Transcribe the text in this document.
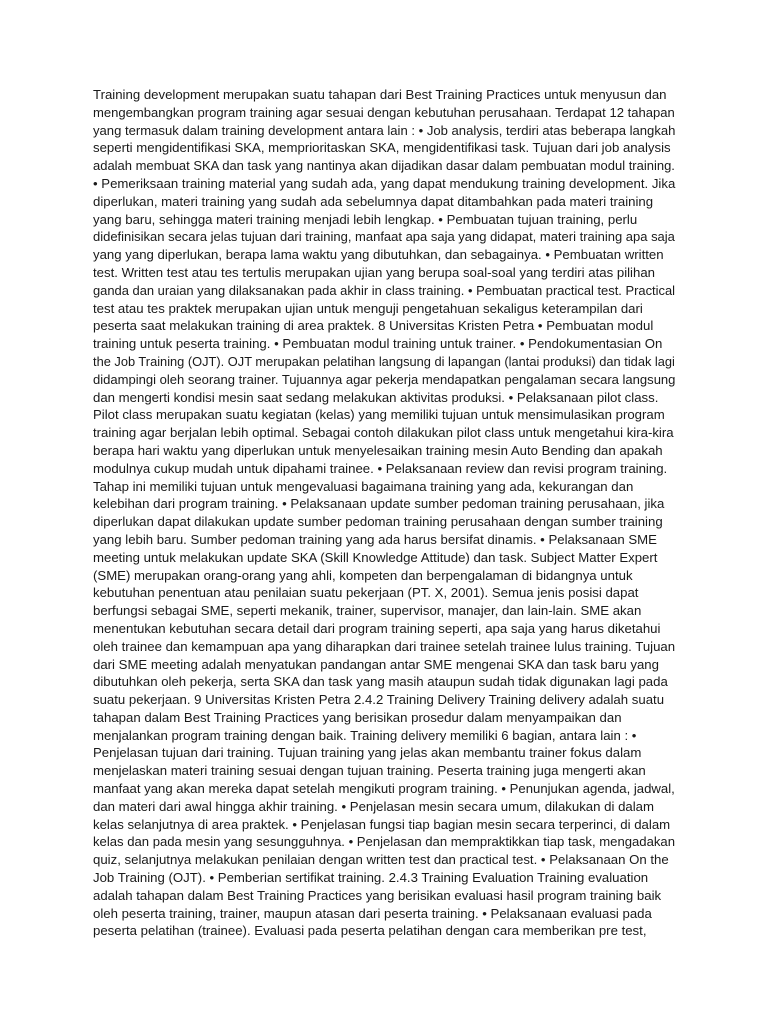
Training development merupakan suatu tahapan dari Best Training Practices untuk menyusun dan
mengembangkan program training agar sesuai dengan kebutuhan perusahaan. Terdapat 12 tahapan
yang termasuk dalam training development antara lain : • Job analysis, terdiri atas beberapa langkah
seperti mengidentifikasi SKA, memprioritaskan SKA, mengidentifikasi task. Tujuan dari job analysis
adalah membuat SKA dan task yang nantinya akan dijadikan dasar dalam pembuatan modul training.
• Pemeriksaan training material yang sudah ada, yang dapat mendukung training development. Jika
diperlukan, materi training yang sudah ada sebelumnya dapat ditambahkan pada materi training
yang baru, sehingga materi training menjadi lebih lengkap. • Pembuatan tujuan training, perlu
didefinisikan secara jelas tujuan dari training, manfaat apa saja yang didapat, materi training apa saja
yang yang diperlukan, berapa lama waktu yang dibutuhkan, dan sebagainya. • Pembuatan written
test. Written test atau tes tertulis merupakan ujian yang berupa soal-soal yang terdiri atas pilihan
ganda dan uraian yang dilaksanakan pada akhir in class training. • Pembuatan practical test. Practical
test atau tes praktek merupakan ujian untuk menguji pengetahuan sekaligus keterampilan dari
peserta saat melakukan training di area praktek. 8 Universitas Kristen Petra • Pembuatan modul
training untuk peserta training. • Pembuatan modul training untuk trainer. • Pendokumentasian On
the Job Training (OJT). OJT merupakan pelatihan langsung di lapangan (lantai produksi) dan tidak lagi
didampingi oleh seorang trainer. Tujuannya agar pekerja mendapatkan pengalaman secara langsung
dan mengerti kondisi mesin saat sedang melakukan aktivitas produksi. • Pelaksanaan pilot class.
Pilot class merupakan suatu kegiatan (kelas) yang memiliki tujuan untuk mensimulasikan program
training agar berjalan lebih optimal. Sebagai contoh dilakukan pilot class untuk mengetahui kira-kira
berapa hari waktu yang diperlukan untuk menyelesaikan training mesin Auto Bending dan apakah
modulnya cukup mudah untuk dipahami trainee. • Pelaksanaan review dan revisi program training.
Tahap ini memiliki tujuan untuk mengevaluasi bagaimana training yang ada, kekurangan dan
kelebihan dari program training. • Pelaksanaan update sumber pedoman training perusahaan, jika
diperlukan dapat dilakukan update sumber pedoman training perusahaan dengan sumber training
yang lebih baru. Sumber pedoman training yang ada harus bersifat dinamis. • Pelaksanaan SME
meeting untuk melakukan update SKA (Skill Knowledge Attitude) dan task. Subject Matter Expert
(SME) merupakan orang-orang yang ahli, kompeten dan berpengalaman di bidangnya untuk
kebutuhan penentuan atau penilaian suatu pekerjaan (PT. X, 2001). Semua jenis posisi dapat
berfungsi sebagai SME, seperti mekanik, trainer, supervisor, manajer, dan lain-lain. SME akan
menentukan kebutuhan secara detail dari program training seperti, apa saja yang harus diketahui
oleh trainee dan kemampuan apa yang diharapkan dari trainee setelah trainee lulus training. Tujuan
dari SME meeting adalah menyatukan pandangan antar SME mengenai SKA dan task baru yang
dibutuhkan oleh pekerja, serta SKA dan task yang masih ataupun sudah tidak digunakan lagi pada
suatu pekerjaan. 9 Universitas Kristen Petra 2.4.2 Training Delivery Training delivery adalah suatu
tahapan dalam Best Training Practices yang berisikan prosedur dalam menyampaikan dan
menjalankan program training dengan baik. Training delivery memiliki 6 bagian, antara lain : •
Penjelasan tujuan dari training. Tujuan training yang jelas akan membantu trainer fokus dalam
menjelaskan materi training sesuai dengan tujuan training. Peserta training juga mengerti akan
manfaat yang akan mereka dapat setelah mengikuti program training. • Penunjukan agenda, jadwal,
dan materi dari awal hingga akhir training. • Penjelasan mesin secara umum, dilakukan di dalam
kelas selanjutnya di area praktek. • Penjelasan fungsi tiap bagian mesin secara terperinci, di dalam
kelas dan pada mesin yang sesungguhnya. • Penjelasan dan mempraktikkan tiap task, mengadakan
quiz, selanjutnya melakukan penilaian dengan written test dan practical test. • Pelaksanaan On the
Job Training (OJT). • Pemberian sertifikat training. 2.4.3 Training Evaluation Training evaluation
adalah tahapan dalam Best Training Practices yang berisikan evaluasi hasil program training baik
oleh peserta training, trainer, maupun atasan dari peserta training. • Pelaksanaan evaluasi pada
peserta pelatihan (trainee). Evaluasi pada peserta pelatihan dengan cara memberikan pre test,
